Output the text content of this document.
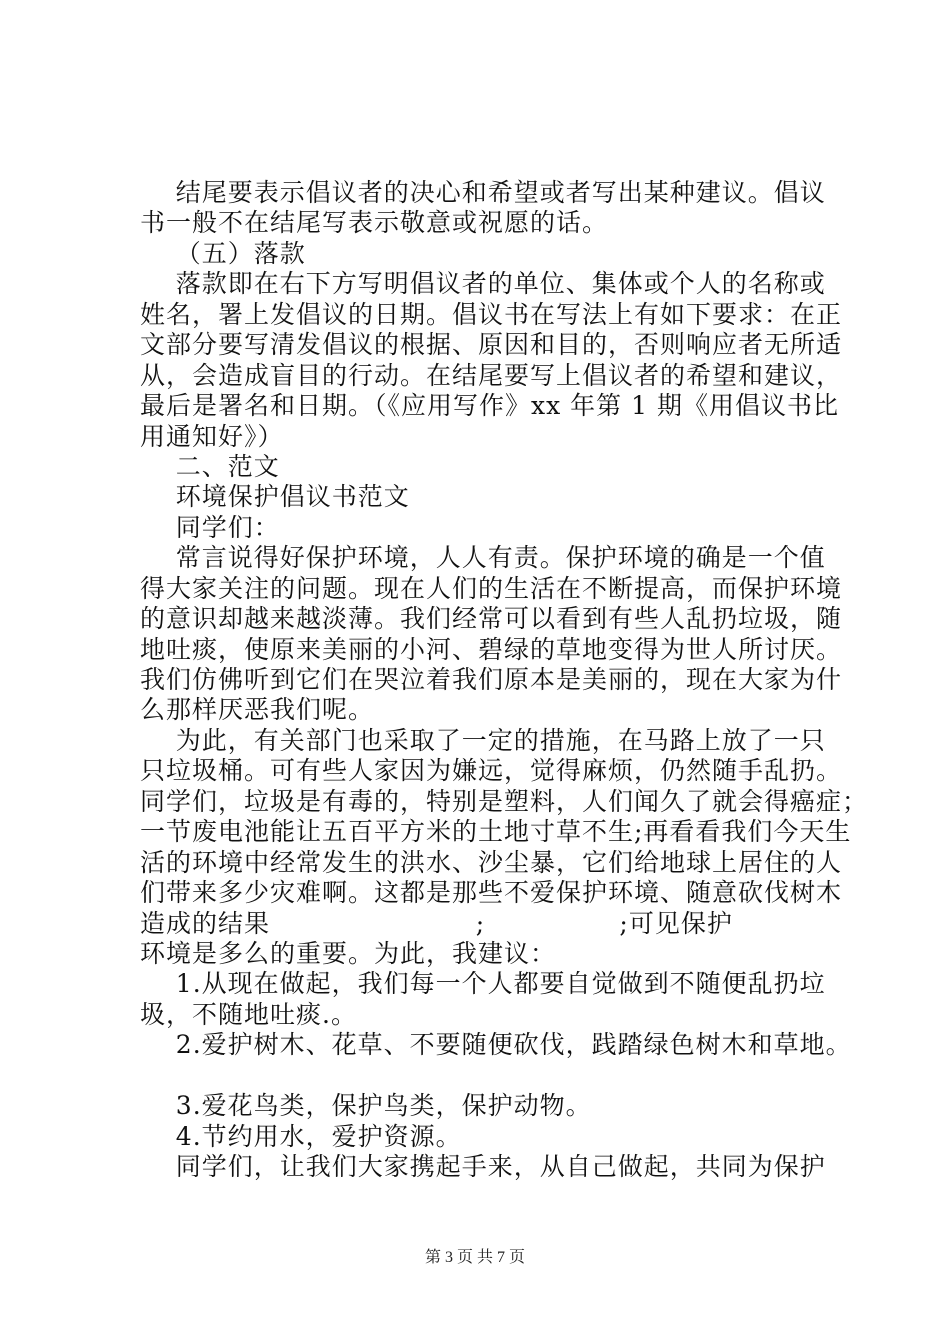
结尾要表示倡议者的决心和希望或者写出某种建议。倡议
书一般不在结尾写表示敬意或祝愿的话。
（五）落款
落款即在右下方写明倡议者的单位、集体或个人的名称或
姓名，署上发倡议的日期。倡议书在写法上有如下要求：在正
文部分要写清发倡议的根据、原因和目的，否则响应者无所适
从，会造成盲目的行动。在结尾要写上倡议者的希望和建议，
最后是署名和日期。（《应用写作》xx 年第 1 期《用倡议书比
用通知好》）
二、范文
环境保护倡议书范文
同学们：
常言说得好保护环境，人人有责。保护环境的确是一个值
得大家关注的问题。现在人们的生活在不断提高，而保护环境
的意识却越来越淡薄。我们经常可以看到有些人乱扔垃圾，随
地吐痰，使原来美丽的小河、碧绿的草地变得为世人所讨厌。
我们仿佛听到它们在哭泣着我们原本是美丽的，现在大家为什
么那样厌恶我们呢。
为此，有关部门也采取了一定的措施，在马路上放了一只
只垃圾桶。可有些人家因为嫌远，觉得麻烦，仍然随手乱扔。
同学们，垃圾是有毒的，特别是塑料，人们闻久了就会得癌症；
一节废电池能让五百平方米的土地寸草不生;再看看我们今天生
活的环境中经常发生的洪水、沙尘暴，它们给地球上居住的人
们带来多少灾难啊。这都是那些不爱保护环境、随意砍伐树木
造成的结果                       ;               ;可见保护
环境是多么的重要。为此，我建议：
1.从现在做起，我们每一个人都要自觉做到不随便乱扔垃
圾，不随地吐痰.。
2.爱护树木、花草、不要随便砍伐，践踏绿色树木和草地。
3.爱花鸟类，保护鸟类，保护动物。
4.节约用水，爱护资源。
同学们，让我们大家携起手来，从自己做起，共同为保护
第 3 页 共 7 页
